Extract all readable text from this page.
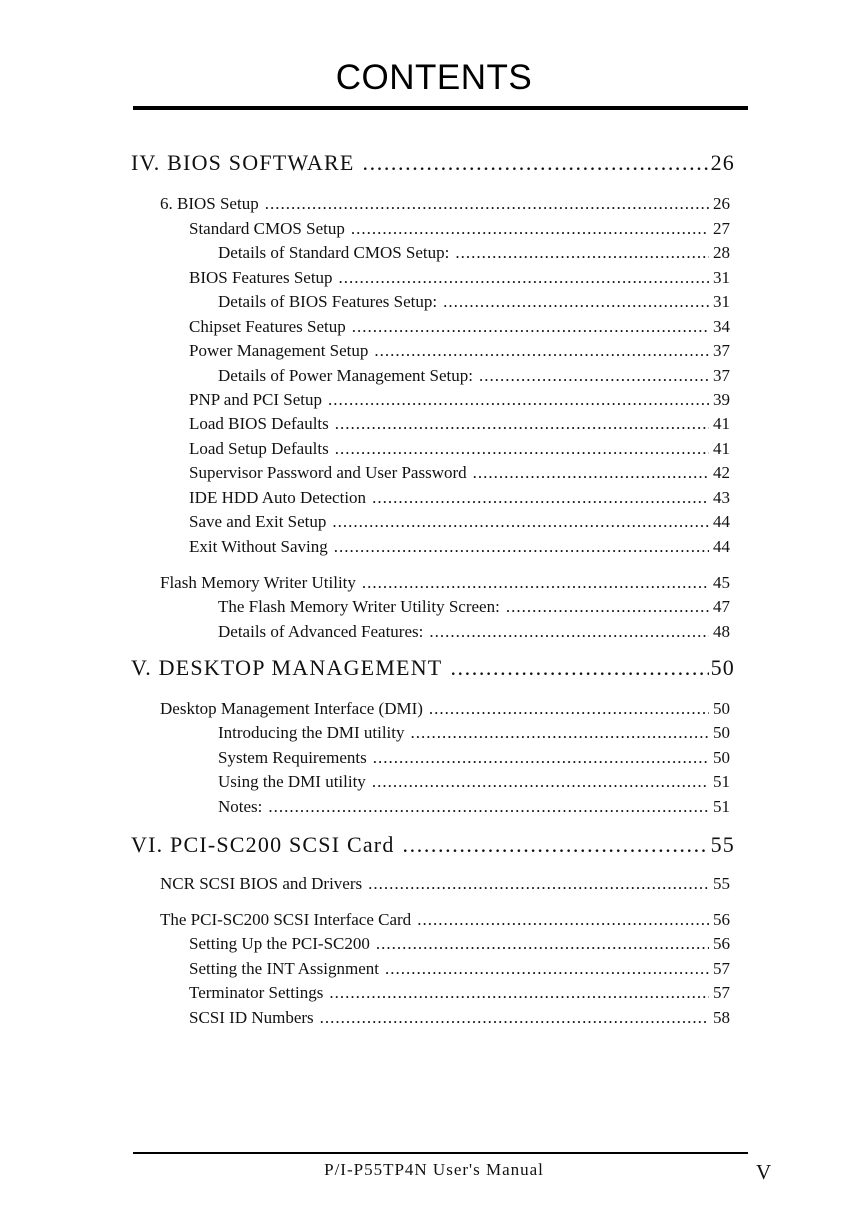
CONTENTS
IV. BIOS SOFTWARE .....	26
6. BIOS Setup .....	26
Standard CMOS Setup .....	27
Details of Standard CMOS Setup: .....	28
BIOS Features Setup .....	31
Details of BIOS Features Setup: .....	31
Chipset Features Setup .....	34
Power Management Setup .....	37
Details of Power Management Setup: .....	37
PNP and PCI Setup .....	39
Load BIOS Defaults .....	41
Load Setup Defaults .....	41
Supervisor Password and User Password .....	42
IDE HDD Auto Detection .....	43
Save and Exit Setup .....	44
Exit Without Saving .....	44
Flash Memory Writer Utility .....	45
The Flash Memory Writer Utility Screen: .....	47
Details of Advanced Features: .....	48
V. DESKTOP MANAGEMENT .....	50
Desktop Management Interface (DMI) .....	50
Introducing the DMI utility .....	50
System Requirements .....	50
Using the DMI utility .....	51
Notes: .....	51
VI. PCI-SC200 SCSI Card .....	55
NCR SCSI BIOS and Drivers .....	55
The PCI-SC200 SCSI Interface Card .....	56
Setting Up the PCI-SC200 .....	56
Setting the INT Assignment .....	57
Terminator Settings .....	57
SCSI ID Numbers .....	58
P/I-P55TP4N User's Manual	V
